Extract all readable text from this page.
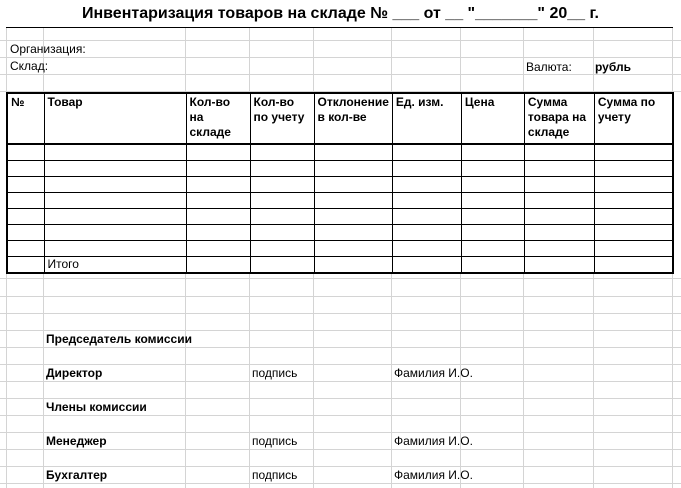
Инвентаризация товаров на складе № ___ от __ "_______" 20__ г.
Организация:
Склад:	Валюта: рубль
№	Товар	Кол-во на складе	Кол-во по учету	Отклонение в кол-ве	Ед. изм.	Цена	Сумма товара на складе	Сумма по учету

	Итого							
Председатель комиссии
Директор	подпись	Фамилия И.О.
Члены комиссии
Менеджер	подпись	Фамилия И.О.
Бухгалтер	подпись	Фамилия И.О.
